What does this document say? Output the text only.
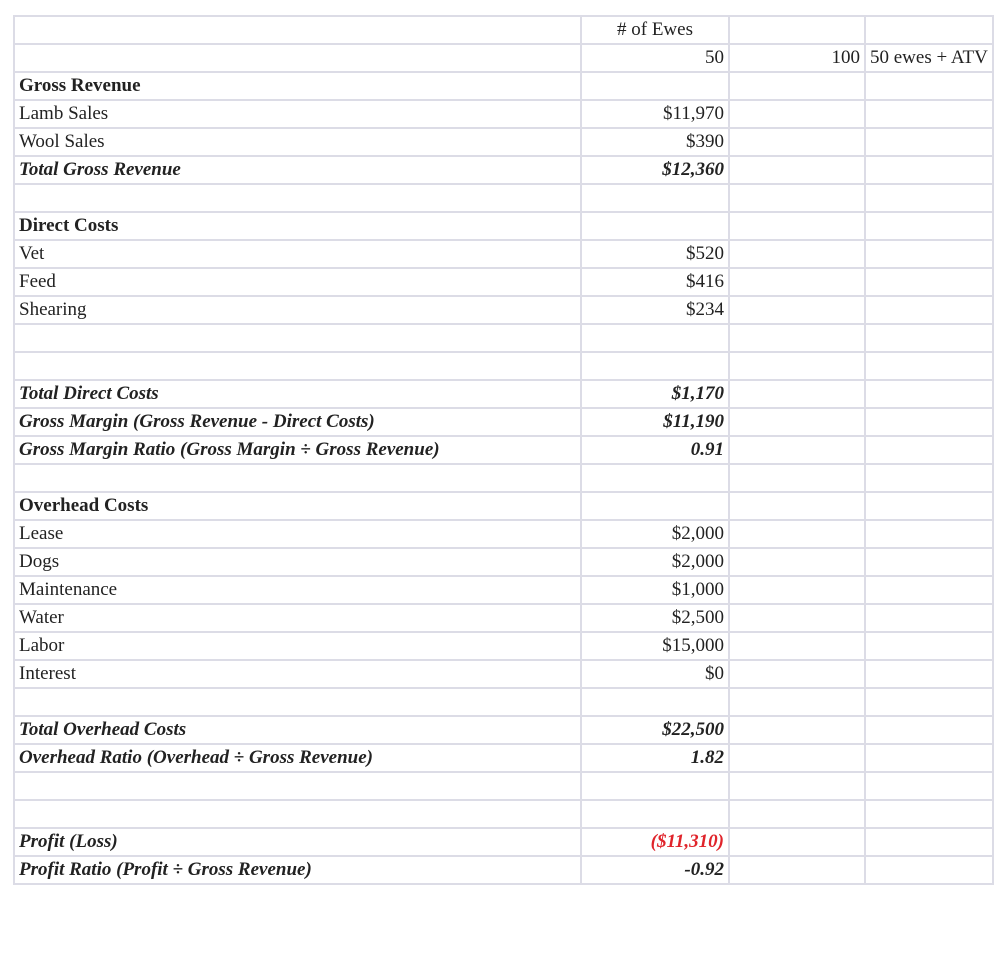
	# of Ewes		
	50	100	50 ewes + ATV
Gross Revenue			
Lamb Sales	$11,970		
Wool Sales	$390		
Total Gross Revenue	$12,360		

Direct Costs			
Vet	$520		
Feed	$416		
Shearing	$234		

Total Direct Costs	$1,170		
Gross Margin (Gross Revenue - Direct Costs)	$11,190		
Gross Margin Ratio (Gross Margin ÷ Gross Revenue)	0.91		

Overhead Costs			
Lease	$2,000		
Dogs	$2,000		
Maintenance	$1,000		
Water	$2,500		
Labor	$15,000		
Interest	$0		

Total Overhead Costs	$22,500		
Overhead Ratio (Overhead ÷ Gross Revenue)	1.82		

Profit (Loss)	($11,310)		
Profit Ratio (Profit ÷ Gross Revenue)	-0.92		
